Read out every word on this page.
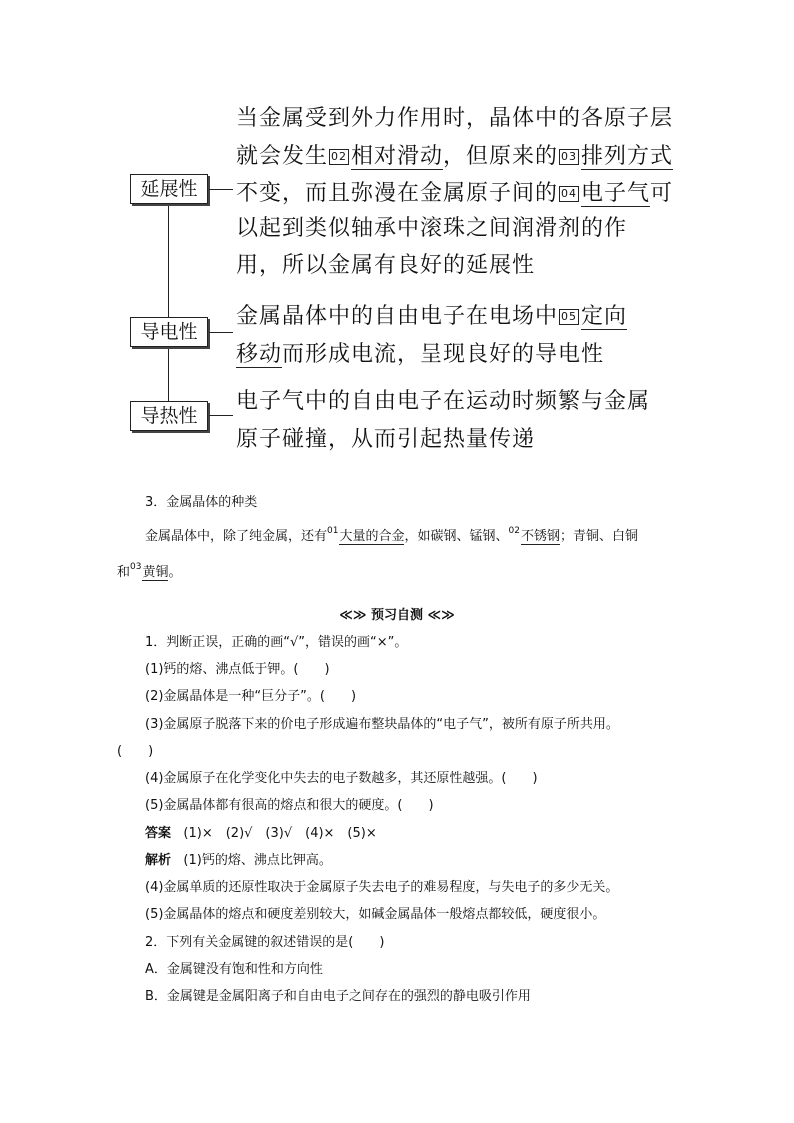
延展性
导电性
导热性
当金属受到外力作用时，晶体中的各原子层
就会发生 02 相对滑动，但原来的 03 排列方式
不变，而且弥漫在金属原子间的 04 电子气可
以起到类似轴承中滚珠之间润滑剂的作
用，所以金属有良好的延展性
金属晶体中的自由电子在电场中 05 定向
移动而形成电流，呈现良好的导电性
电子气中的自由电子在运动时频繁与金属
原子碰撞，从而引起热量传递
3．金属晶体的种类
金属晶体中，除了纯金属，还有$^{01}$大量的合金，如碳钢、锰钢、$^{02}$不锈钢；青铜、白铜
和$^{03}$黄铜。
≪≫ 预习自测 ≪≫
1．判断正误，正确的画“√”，错误的画“×”。
(1)钙的熔、沸点低于钾。(　　)
(2)金属晶体是一种“巨分子”。(　　)
(3)金属原子脱落下来的价电子形成遍布整块晶体的“电子气”，被所有原子所共用。
(　　)
(4)金属原子在化学变化中失去的电子数越多，其还原性越强。(　　)
(5)金属晶体都有很高的熔点和很大的硬度。(　　)
答案 (1)×　(2)√　(3)√　(4)×　(5)×
解析 (1)钙的熔、沸点比钾高。
(4)金属单质的还原性取决于金属原子失去电子的难易程度，与失电子的多少无关。
(5)金属晶体的熔点和硬度差别较大，如碱金属晶体一般熔点都较低，硬度很小。
2．下列有关金属键的叙述错误的是(　　)
A．金属键没有饱和性和方向性
B．金属键是金属阳离子和自由电子之间存在的强烈的静电吸引作用
